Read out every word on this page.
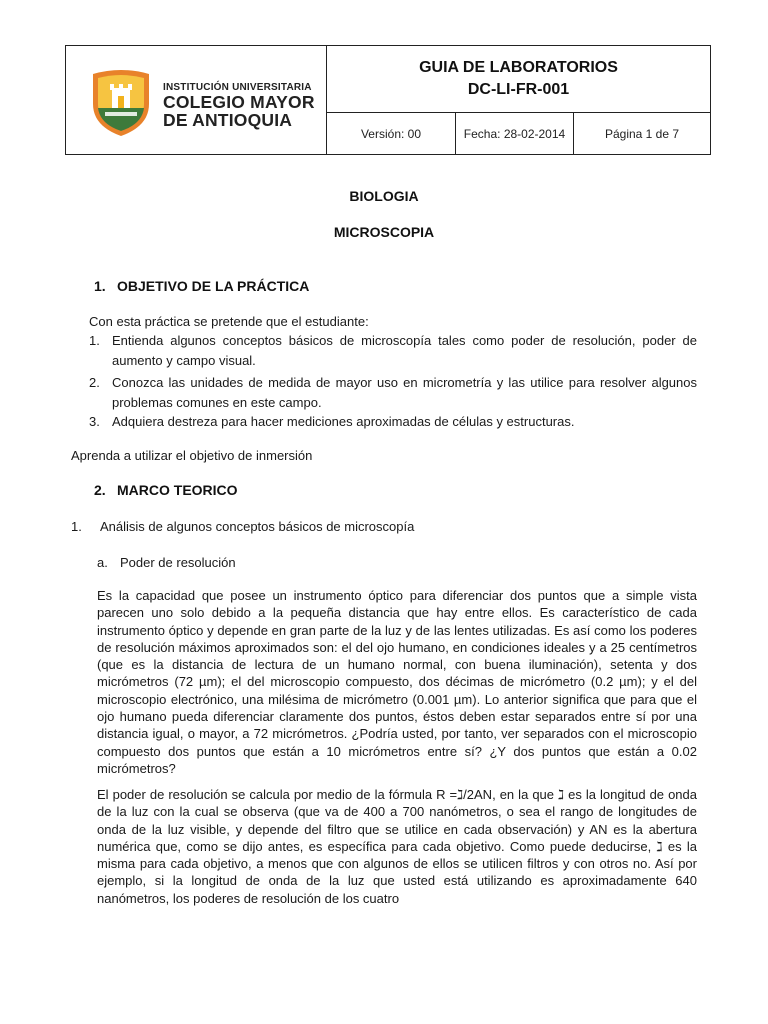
INSTITUCIÓN UNIVERSITARIA
COLEGIO MAYOR
DE ANTIOQUIA
GUIA DE LABORATORIOS
DC-LI-FR-001
Versión: 00	Fecha: 28-02-2014	Página 1 de 7
BIOLOGIA
MICROSCOPIA
1. OBJETIVO DE LA PRÁCTICA
Con esta práctica se pretende que el estudiante:
1. Entienda algunos conceptos básicos de microscopía tales como poder de resolución, poder de aumento y campo visual.
2. Conozca las unidades de medida de mayor uso en micrometría y las utilice para resolver algunos problemas comunes en este campo.
3. Adquiera destreza para hacer mediciones aproximadas de células y estructuras.
Aprenda a utilizar el objetivo de inmersión
2. MARCO TEORICO
1. Análisis de algunos conceptos básicos de microscopía
a. Poder de resolución
Es la capacidad que posee un instrumento óptico para diferenciar dos puntos que a simple vista parecen uno solo debido a la pequeña distancia que hay entre ellos. Es característico de cada instrumento óptico y depende en gran parte de la luz y de las lentes utilizadas. Es así como los poderes de resolución máximos aproximados son: el del ojo humano, en condiciones ideales y a 25 centímetros (que es la distancia de lectura de un humano normal, con buena iluminación), setenta y dos micrómetros (72 µm); el del microscopio compuesto, dos décimas de micrómetro (0.2 µm); y el del microscopio electrónico, una milésima de micrómetro (0.001 µm). Lo anterior significa que para que el ojo humano pueda diferenciar claramente dos puntos, éstos deben estar separados entre sí por una distancia igual, o mayor, a 72 micrómetros. ¿Podría usted, por tanto, ver separados con el microscopio compuesto dos puntos que están a 10 micrómetros entre sí? ¿Y dos puntos que están a 0.02 micrómetros?
El poder de resolución se calcula por medio de la fórmula R =ℷ/2AN, en la que ℷ es la longitud de onda de la luz con la cual se observa (que va de 400 a 700 nanómetros, o sea el rango de longitudes de onda de la luz visible, y depende del filtro que se utilice en cada observación) y AN es la abertura numérica que, como se dijo antes, es específica para cada objetivo. Como puede deducirse, ℷ es la misma para cada objetivo, a menos que con algunos de ellos se utilicen filtros y con otros no. Así por ejemplo, si la longitud de onda de la luz que usted está utilizando es aproximadamente 640 nanómetros, los poderes de resolución de los cuatro
